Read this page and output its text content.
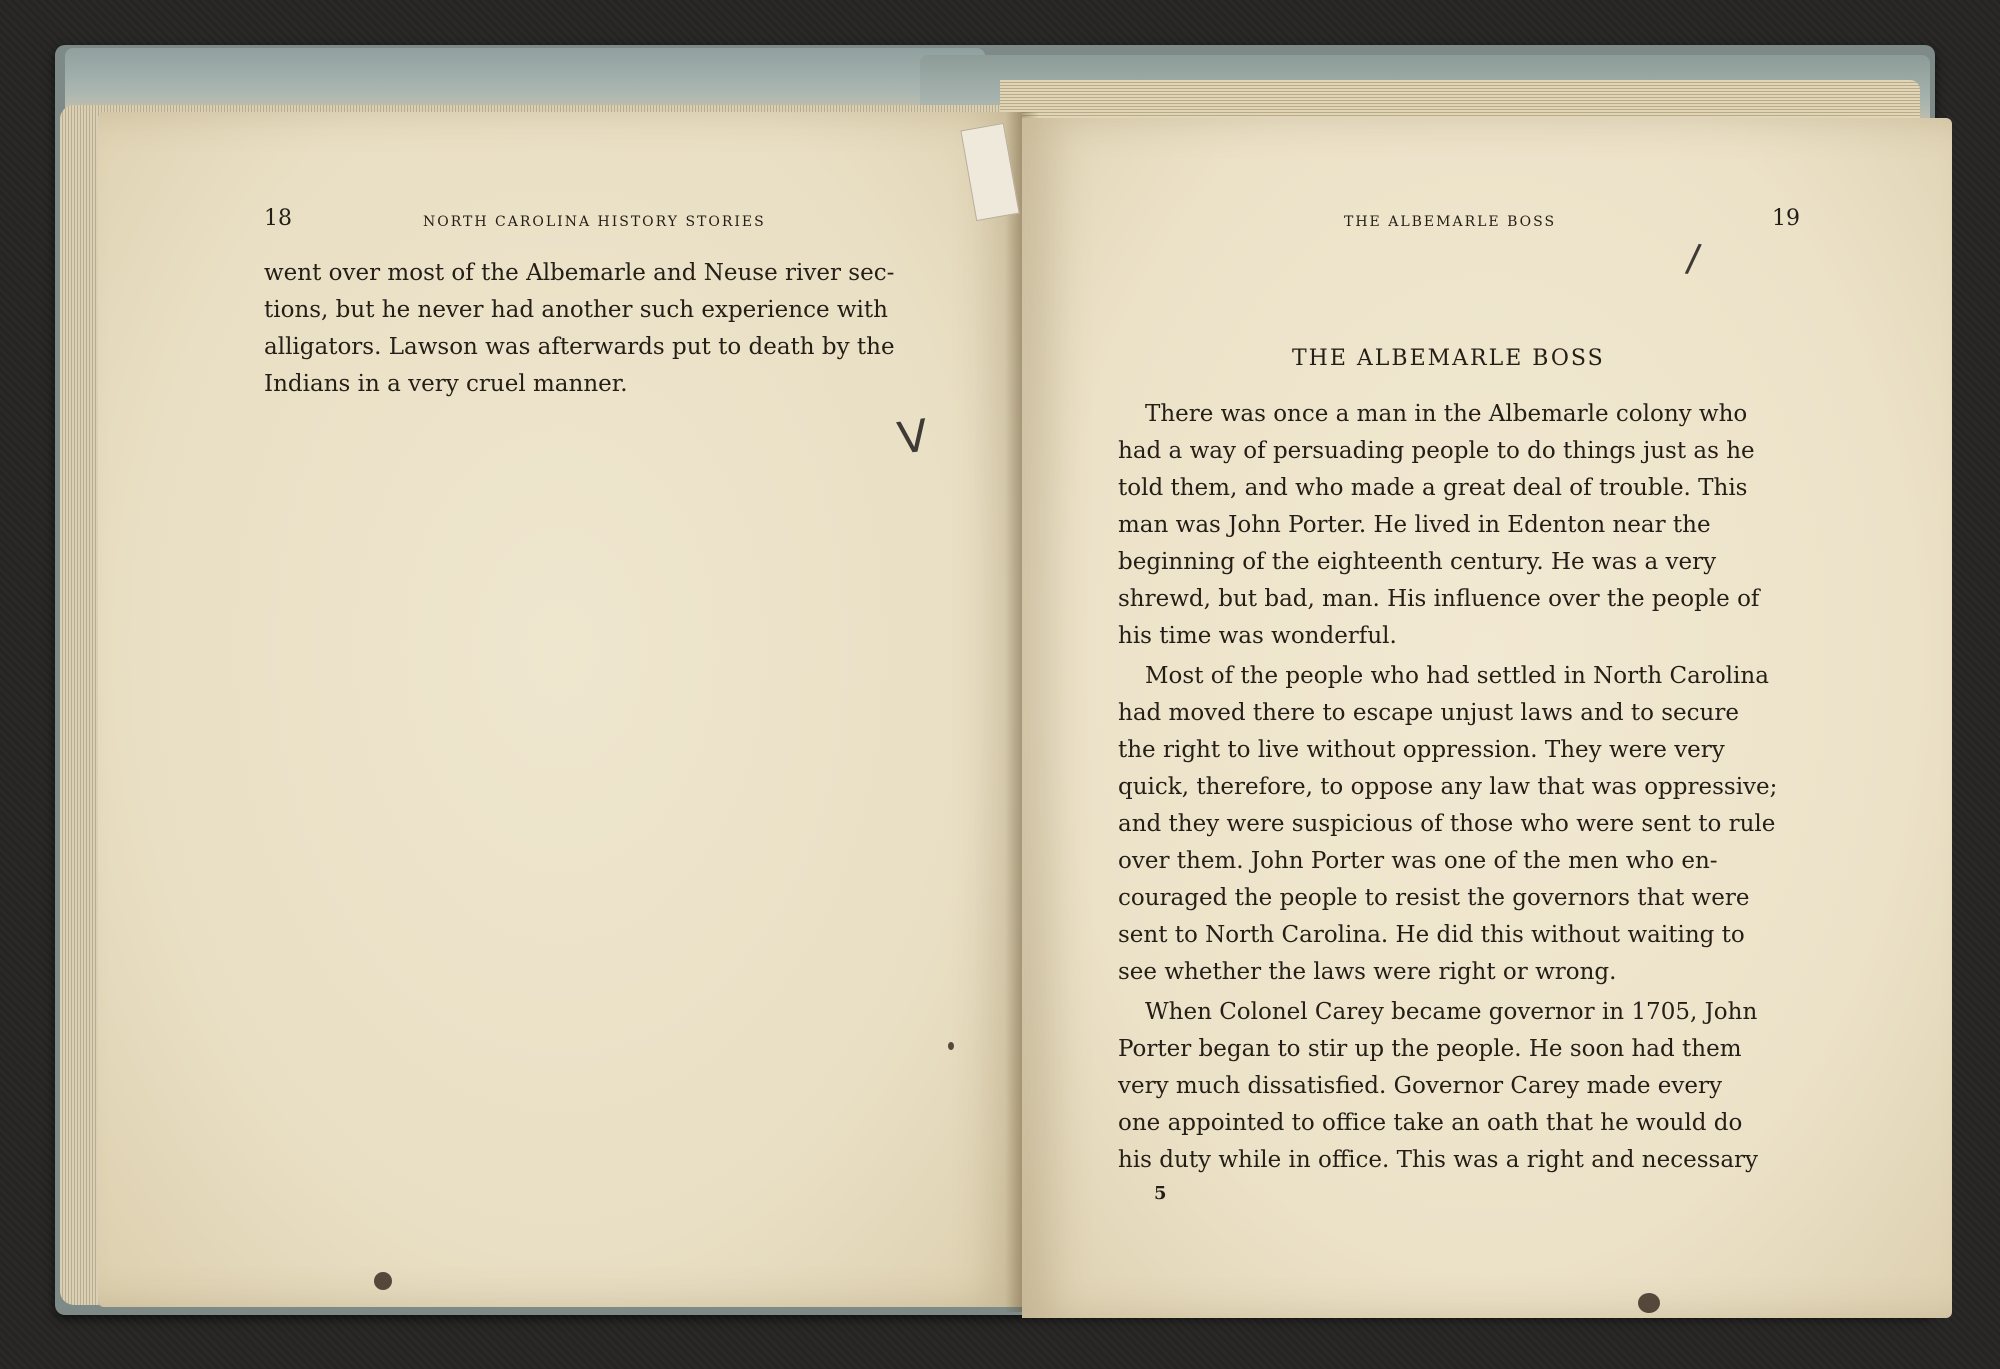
18	NORTH CAROLINA HISTORY STORIES
went over most of the Albemarle and Neuse river sec-
tions, but he never had another such experience with
alligators. Lawson was afterwards put to death by the
Indians in a very cruel manner.
V
THE ALBEMARLE BOSS	19
/
THE ALBEMARLE BOSS
There was once a man in the Albemarle colony who
had a way of persuading people to do things just as he
told them, and who made a great deal of trouble. This
man was John Porter. He lived in Edenton near the
beginning of the eighteenth century. He was a very
shrewd, but bad, man. His influence over the people of
his time was wonderful.
Most of the people who had settled in North Carolina
had moved there to escape unjust laws and to secure
the right to live without oppression. They were very
quick, therefore, to oppose any law that was oppressive;
and they were suspicious of those who were sent to rule
over them. John Porter was one of the men who en-
couraged the people to resist the governors that were
sent to North Carolina. He did this without waiting to
see whether the laws were right or wrong.
When Colonel Carey became governor in 1705, John
Porter began to stir up the people. He soon had them
very much dissatisfied. Governor Carey made every
one appointed to office take an oath that he would do
his duty while in office. This was a right and necessary
5
